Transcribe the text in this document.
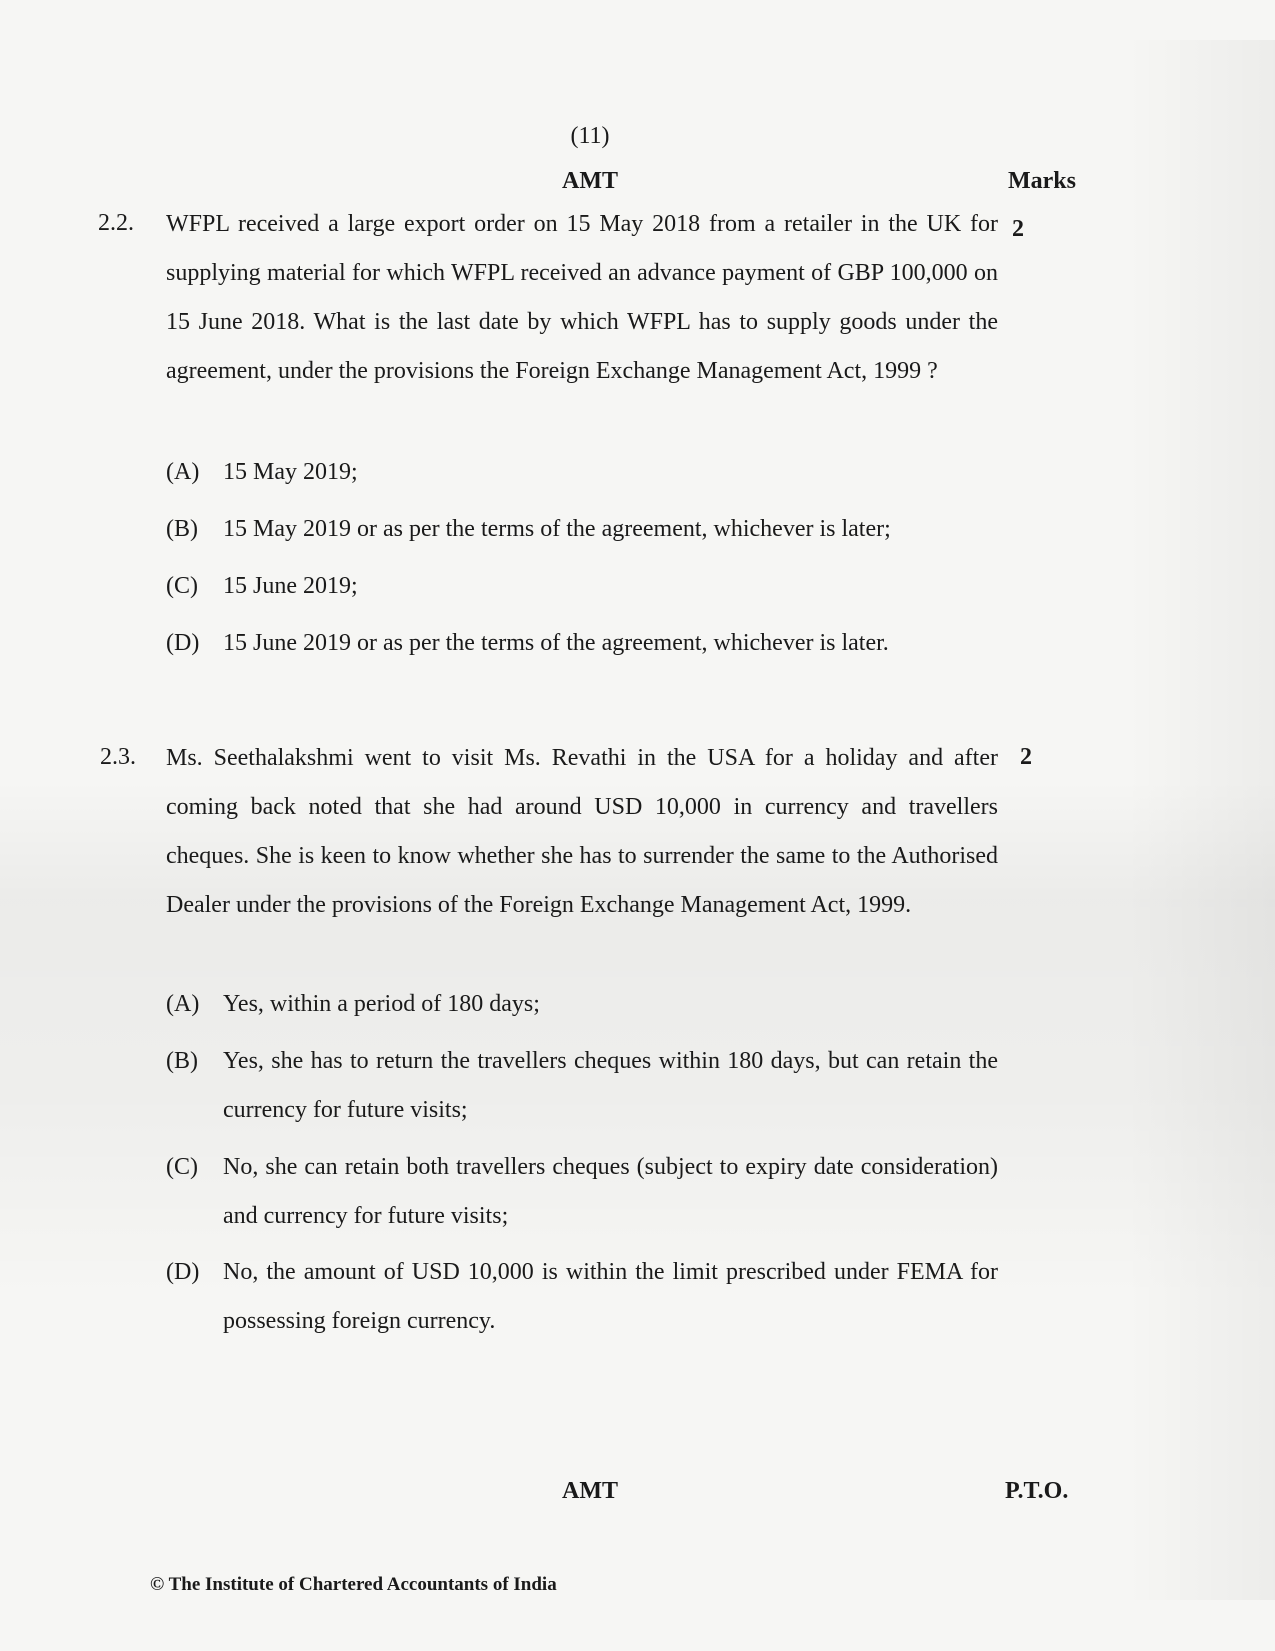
(11)
AMT	Marks
2.2.	2

WFPL received a large export order on 15 May 2018 from a retailer in the UK for supplying material for which WFPL received an advance payment of GBP 100,000 on 15 June 2018. What is the last date by which WFPL has to supply goods under the agreement, under the provisions the Foreign Exchange Management Act, 1999 ?

(A) 15 May 2019;
(B) 15 May 2019 or as per the terms of the agreement, whichever is later;
(C) 15 June 2019;
(D) 15 June 2019 or as per the terms of the agreement, whichever is later.
2.3.	2

Ms. Seethalakshmi went to visit Ms. Revathi in the USA for a holiday and after coming back noted that she had around USD 10,000 in currency and travellers cheques. She is keen to know whether she has to surrender the same to the Authorised Dealer under the provisions of the Foreign Exchange Management Act, 1999.

(A) Yes, within a period of 180 days;
(B) Yes, she has to return the travellers cheques within 180 days, but can retain the currency for future visits;
(C) No, she can retain both travellers cheques (subject to expiry date consideration) and currency for future visits;
(D) No, the amount of USD 10,000 is within the limit prescribed under FEMA for possessing foreign currency.
AMT	P.T.O.
© The Institute of Chartered Accountants of India
